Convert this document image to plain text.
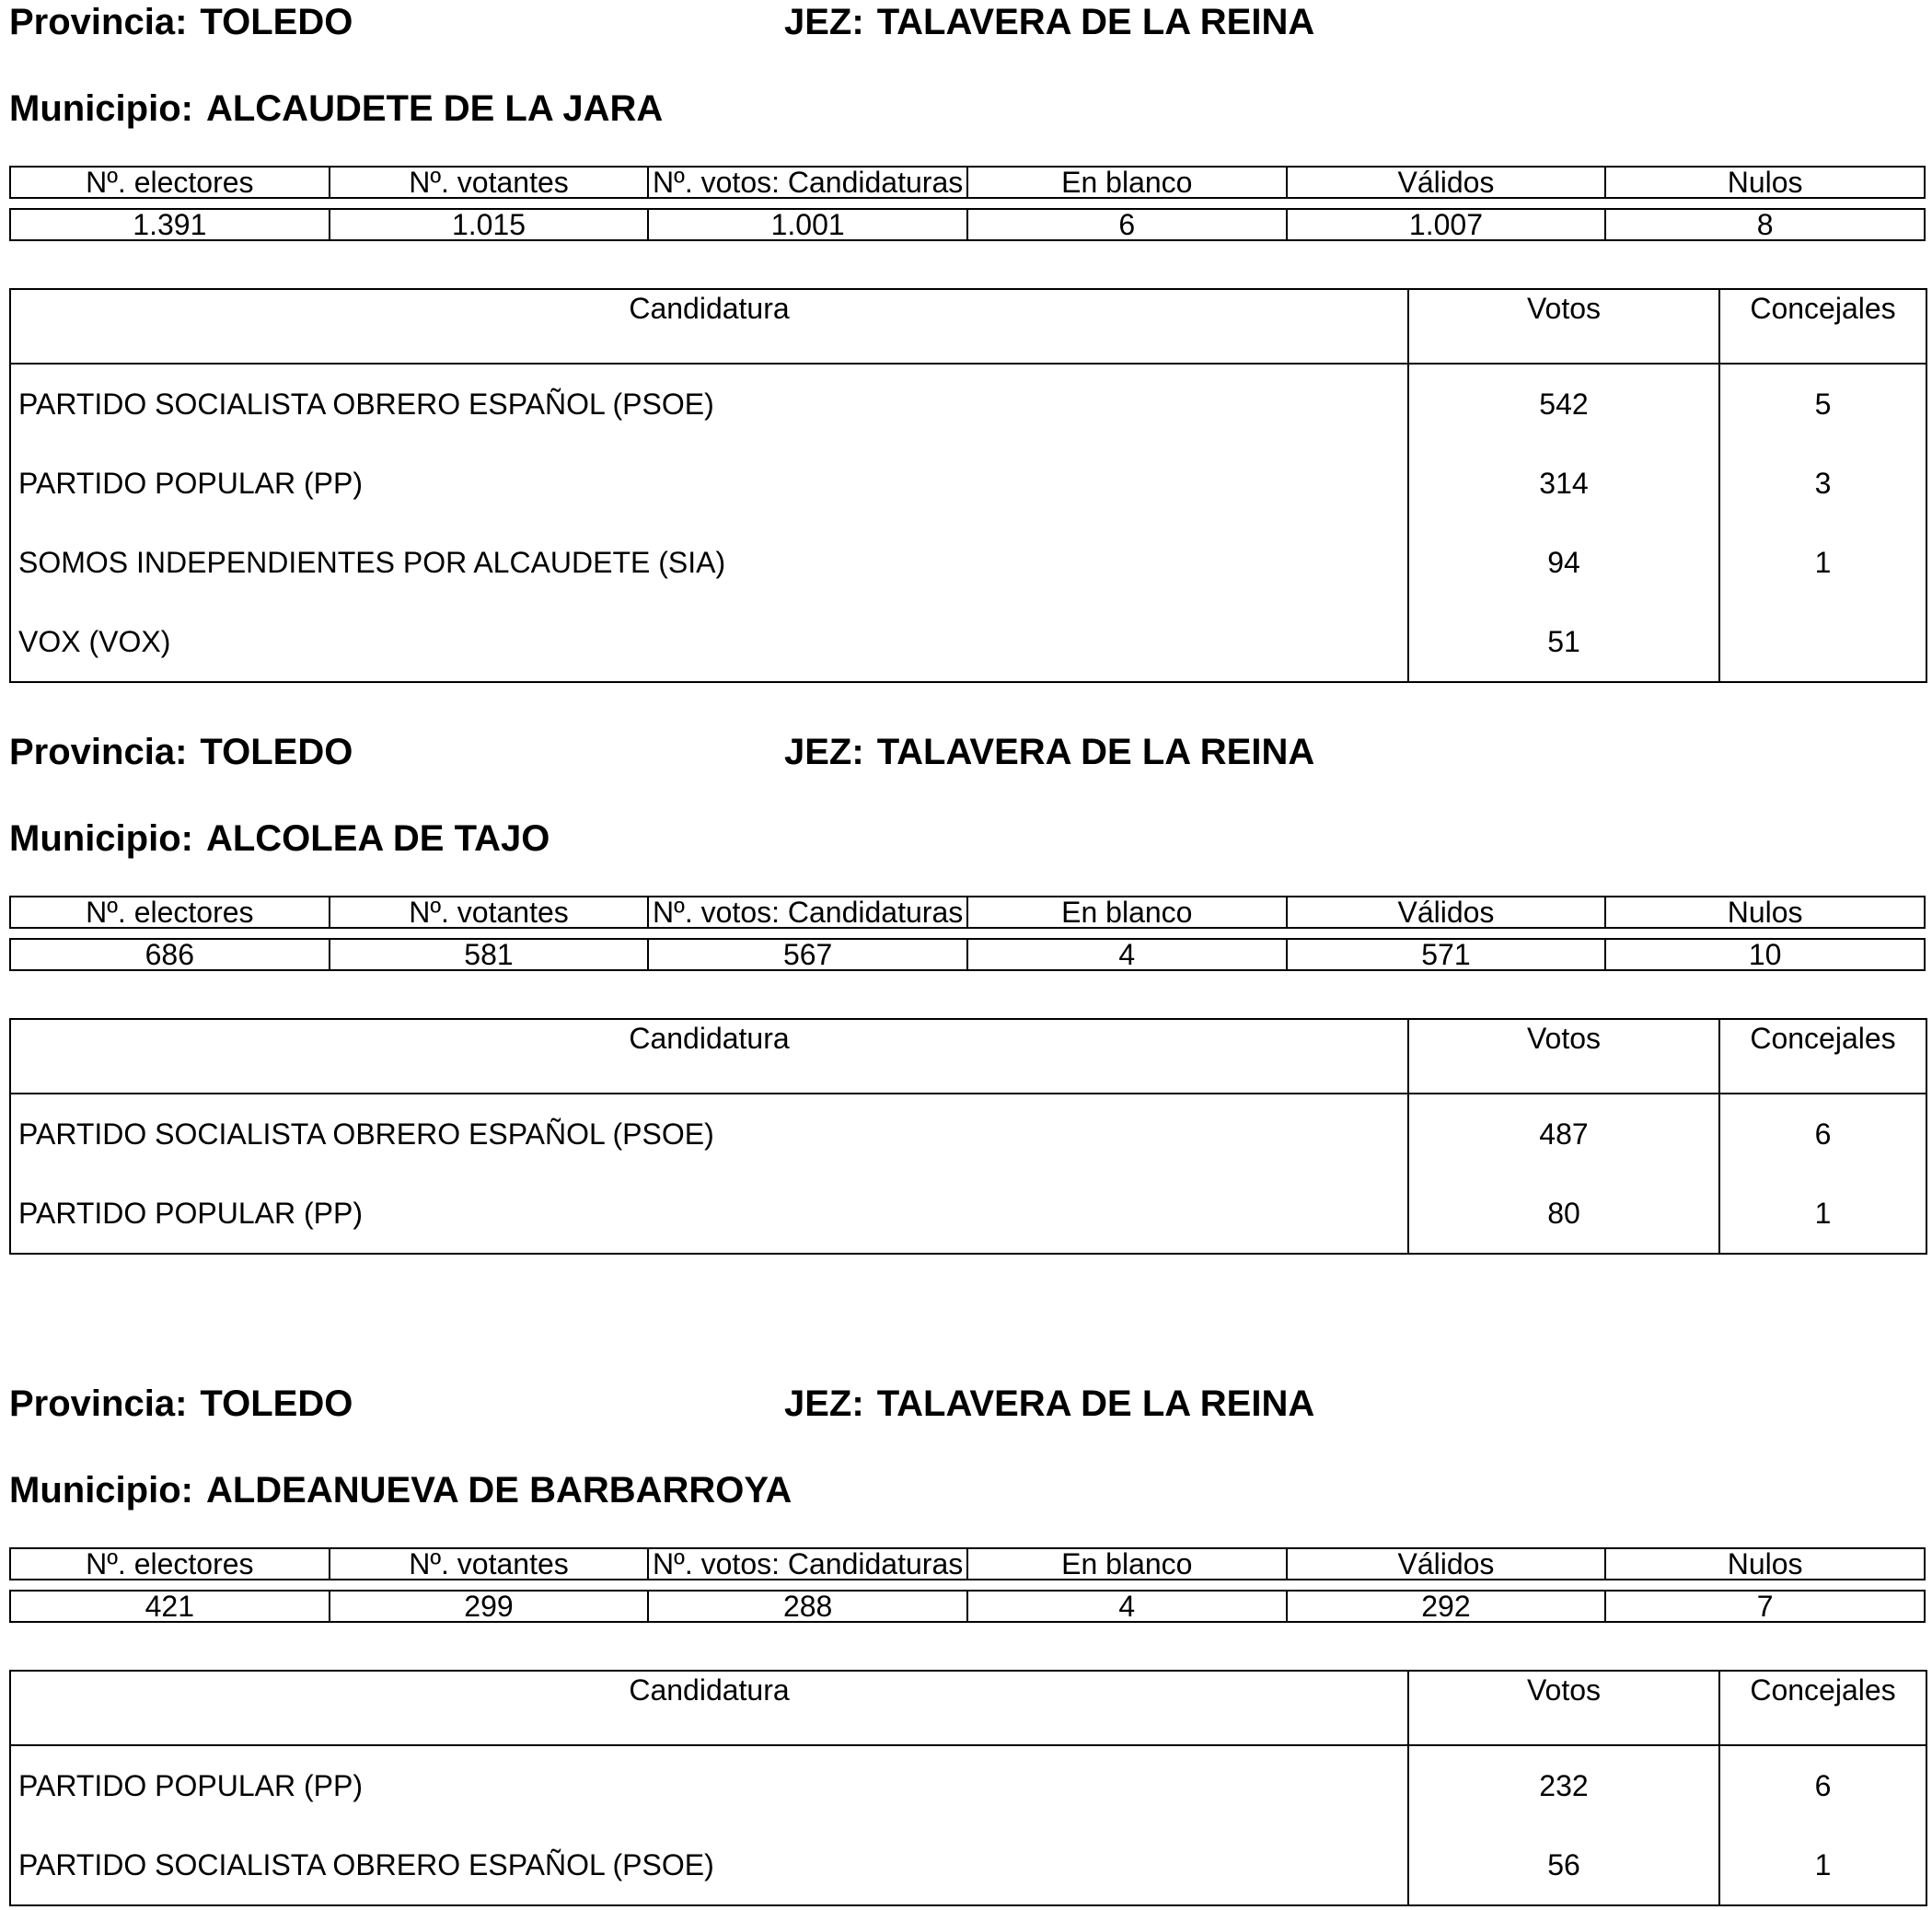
Provincia: TOLEDO	JEZ: TALAVERA DE LA REINA
Municipio: ALCAUDETE DE LA JARA
Nº. electores	Nº. votantes	Nº. votos: Candidaturas	En blanco	Válidos	Nulos

1.391	1.015	1.001	6	1.007	8
Candidatura	Votos	Concejales
PARTIDO SOCIALISTA OBRERO ESPAÑOL (PSOE)	542	5
PARTIDO POPULAR (PP)	314	3
SOMOS INDEPENDIENTES POR ALCAUDETE (SIA)	94	1
VOX (VOX)	51	
Provincia: TOLEDO	JEZ: TALAVERA DE LA REINA
Municipio: ALCOLEA DE TAJO
Nº. electores	Nº. votantes	Nº. votos: Candidaturas	En blanco	Válidos	Nulos

686	581	567	4	571	10
Candidatura	Votos	Concejales
PARTIDO SOCIALISTA OBRERO ESPAÑOL (PSOE)	487	6
PARTIDO POPULAR (PP)	80	1
Provincia: TOLEDO	JEZ: TALAVERA DE LA REINA
Municipio: ALDEANUEVA DE BARBARROYA
Nº. electores	Nº. votantes	Nº. votos: Candidaturas	En blanco	Válidos	Nulos

421	299	288	4	292	7
Candidatura	Votos	Concejales
PARTIDO POPULAR (PP)	232	6
PARTIDO SOCIALISTA OBRERO ESPAÑOL (PSOE)	56	1
